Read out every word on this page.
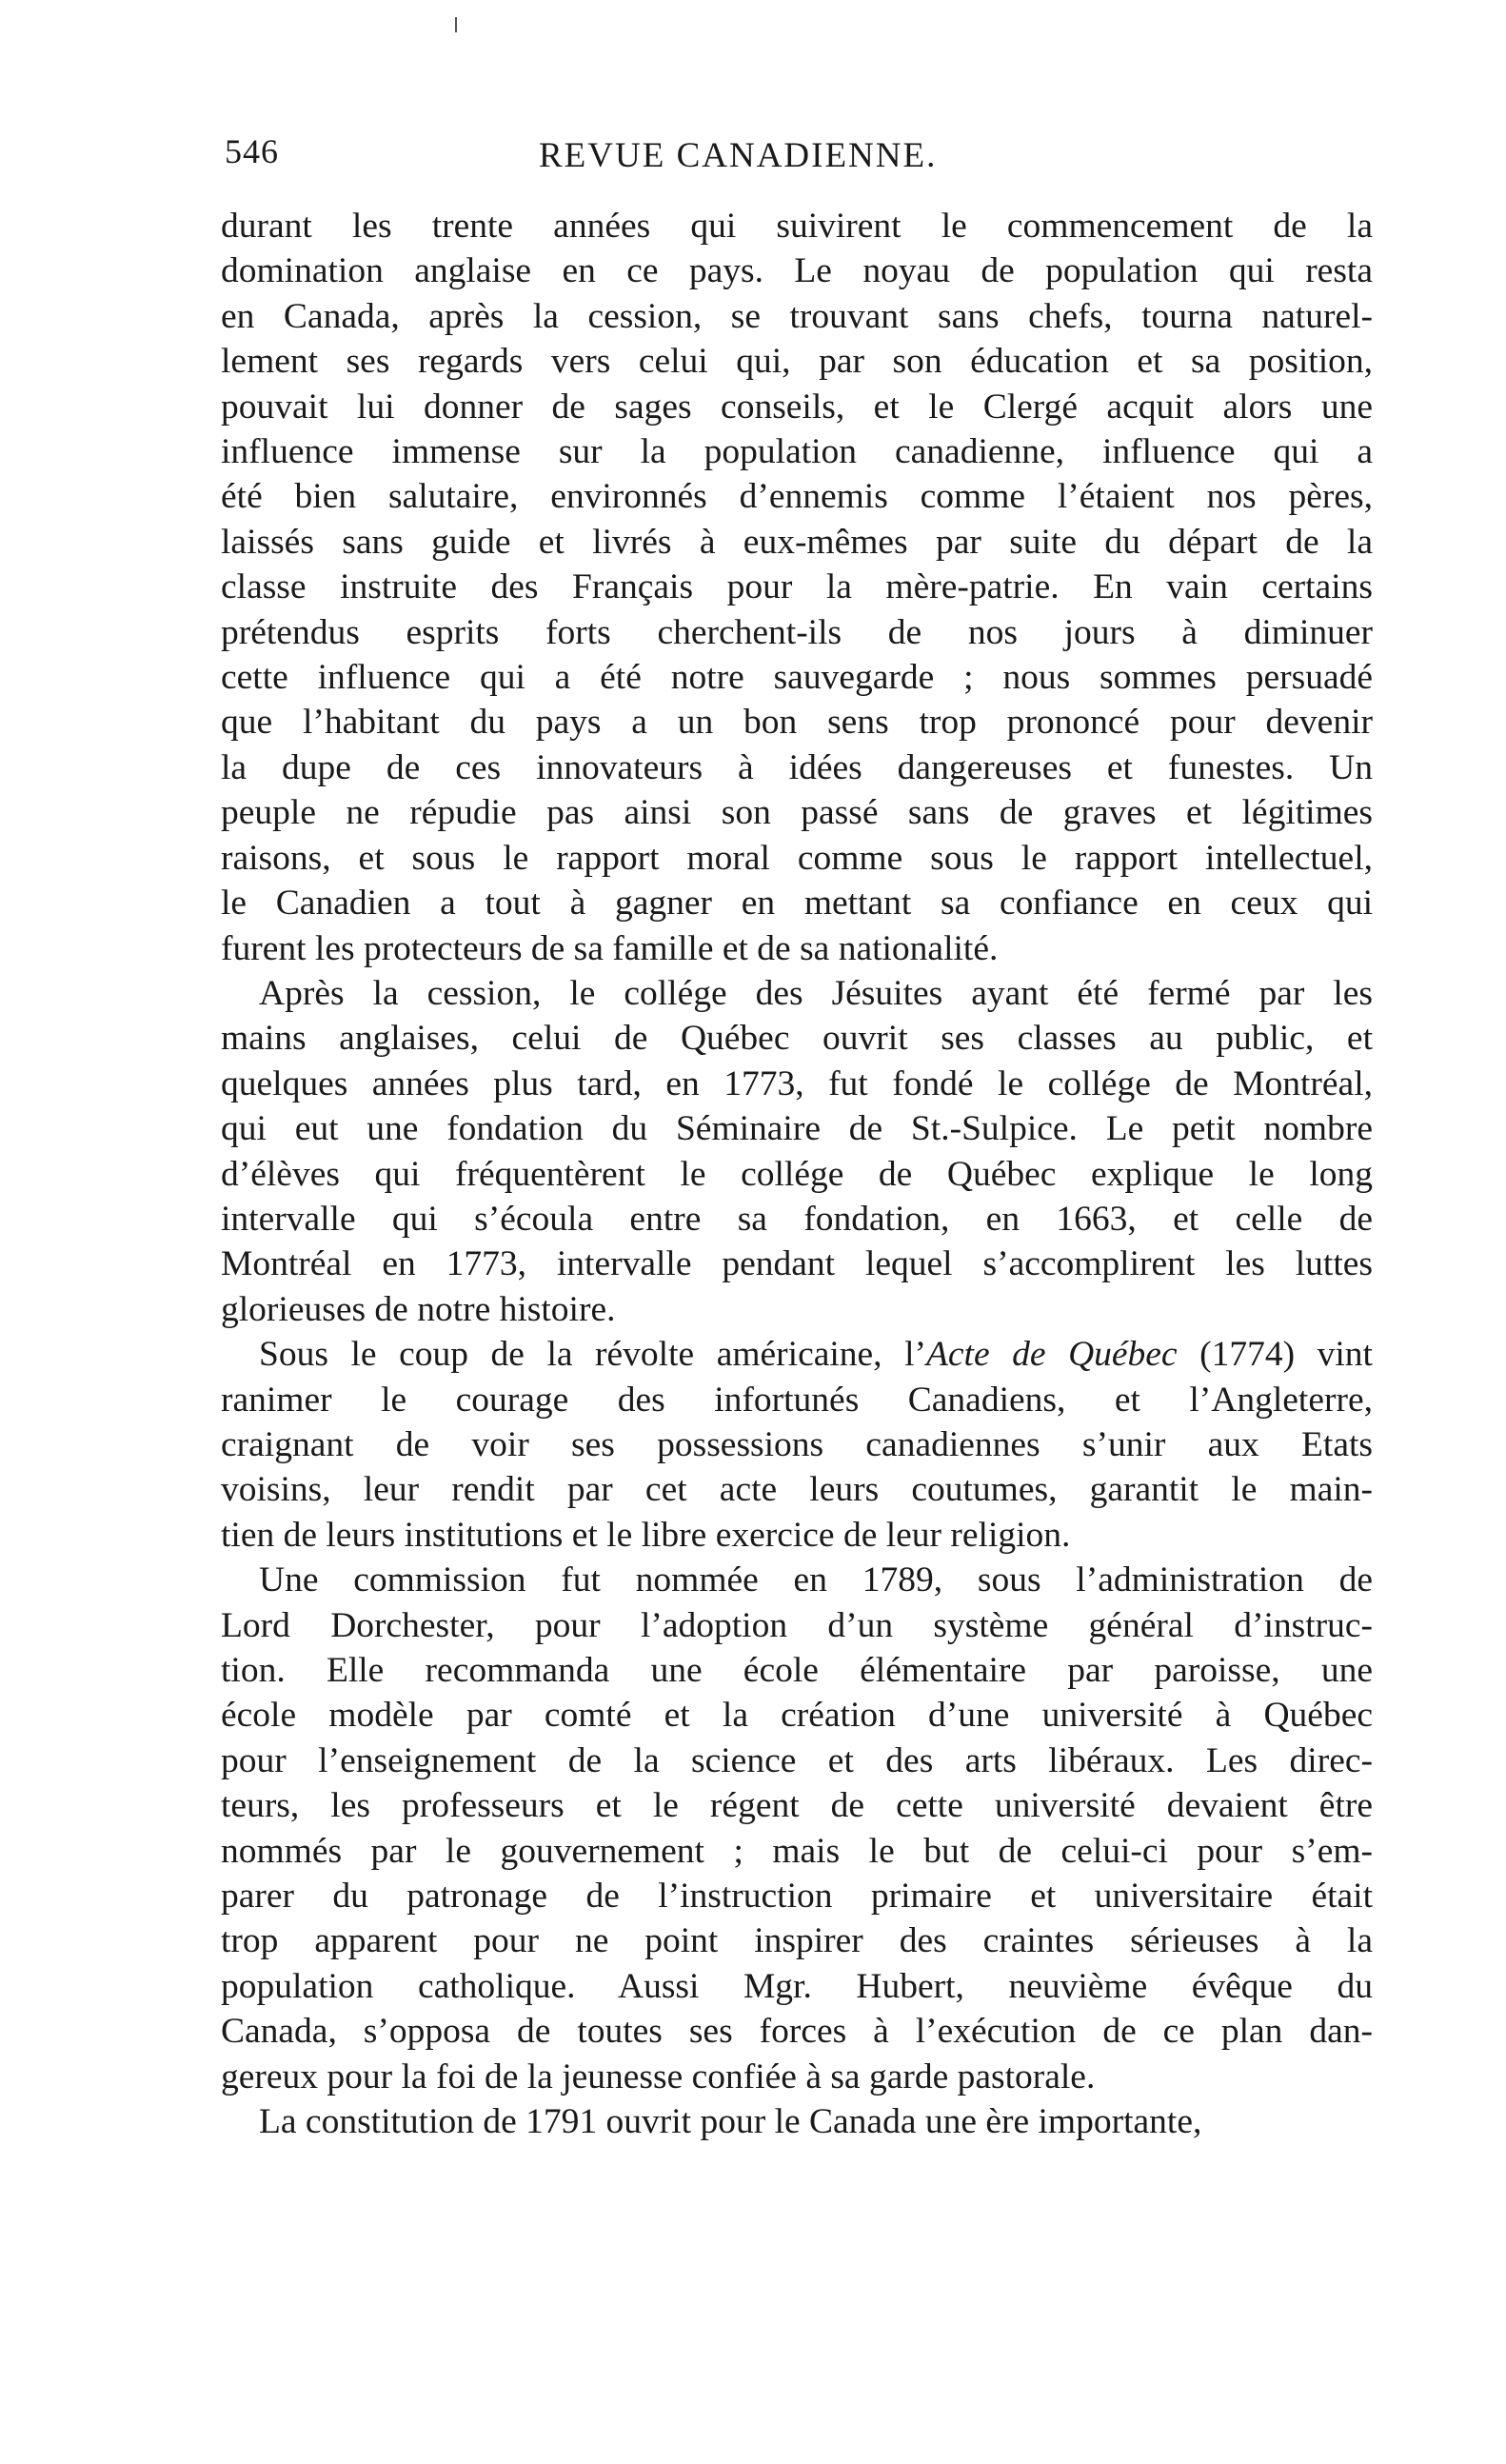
546	REVUE CANADIENNE.
durant les trente années qui suivirent le commencement de la
domination anglaise en ce pays. Le noyau de population qui resta
en Canada, après la cession, se trouvant sans chefs, tourna naturel-
lement ses regards vers celui qui, par son éducation et sa position,
pouvait lui donner de sages conseils, et le Clergé acquit alors une
influence immense sur la population canadienne, influence qui a
été bien salutaire, environnés d’ennemis comme l’étaient nos pères,
laissés sans guide et livrés à eux-mêmes par suite du départ de la
classe instruite des Français pour la mère-patrie. En vain certains
prétendus esprits forts cherchent-ils de nos jours à diminuer
cette influence qui a été notre sauvegarde ; nous sommes persuadé
que l’habitant du pays a un bon sens trop prononcé pour devenir
la dupe de ces innovateurs à idées dangereuses et funestes. Un
peuple ne répudie pas ainsi son passé sans de graves et légitimes
raisons, et sous le rapport moral comme sous le rapport intellectuel,
le Canadien a tout à gagner en mettant sa confiance en ceux qui
furent les protecteurs de sa famille et de sa nationalité.
Après la cession, le collége des Jésuites ayant été fermé par les
mains anglaises, celui de Québec ouvrit ses classes au public, et
quelques années plus tard, en 1773, fut fondé le collége de Montréal,
qui eut une fondation du Séminaire de St.-Sulpice. Le petit nombre
d’élèves qui fréquentèrent le collége de Québec explique le long
intervalle qui s’écoula entre sa fondation, en 1663, et celle de
Montréal en 1773, intervalle pendant lequel s’accomplirent les luttes
glorieuses de notre histoire.
Sous le coup de la révolte américaine, l’Acte de Québec (1774) vint
ranimer le courage des infortunés Canadiens, et l’Angleterre,
craignant de voir ses possessions canadiennes s’unir aux Etats
voisins, leur rendit par cet acte leurs coutumes, garantit le main-
tien de leurs institutions et le libre exercice de leur religion.
Une commission fut nommée en 1789, sous l’administration de
Lord Dorchester, pour l’adoption d’un système général d’instruc-
tion. Elle recommanda une école élémentaire par paroisse, une
école modèle par comté et la création d’une université à Québec
pour l’enseignement de la science et des arts libéraux. Les direc-
teurs, les professeurs et le régent de cette université devaient être
nommés par le gouvernement ; mais le but de celui-ci pour s’em-
parer du patronage de l’instruction primaire et universitaire était
trop apparent pour ne point inspirer des craintes sérieuses à la
population catholique. Aussi Mgr. Hubert, neuvième évêque du
Canada, s’opposa de toutes ses forces à l’exécution de ce plan dan-
gereux pour la foi de la jeunesse confiée à sa garde pastorale.
La constitution de 1791 ouvrit pour le Canada une ère importante,
